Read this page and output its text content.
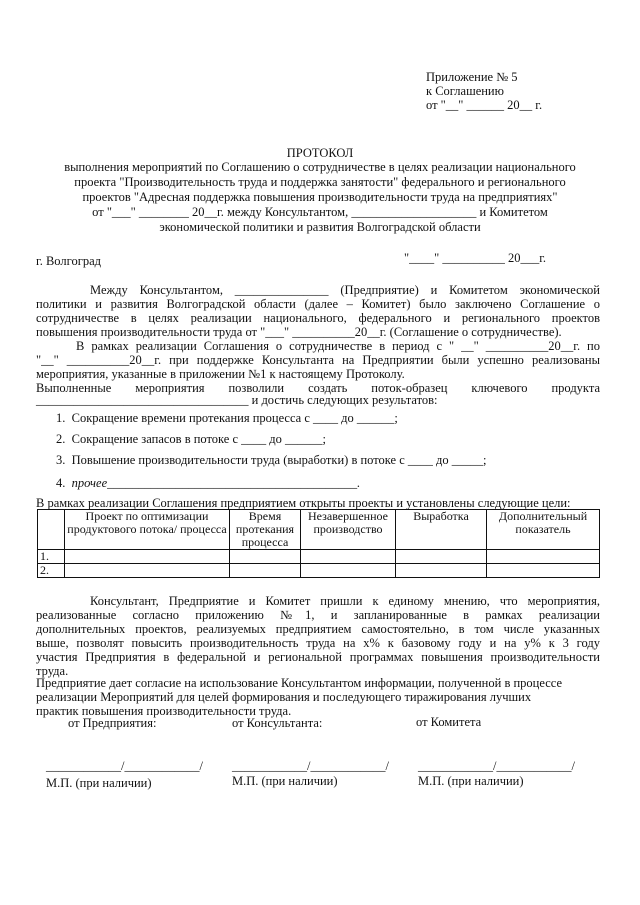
Приложение № 5
к Соглашению
от "__" ______ 20__ г.
ПРОТОКОЛ
выполнения мероприятий по Соглашению о сотрудничестве в целях реализации национального
проекта "Производительность труда и поддержка занятости" федерального и регионального
проектов "Адресная поддержка повышения производительности труда на предприятиях"
от "___" ________ 20__г. между Консультантом, ____________________ и Комитетом
экономической политики и развития Волгоградской области
г. Волгоград	"____" __________ 20___г.
Между Консультантом, _______________ (Предприятие) и Комитетом экономической
политики и развития Волгоградской области (далее – Комитет) было заключено Соглашение о
сотрудничестве в целях реализации национального, федерального и регионального проектов
повышения производительности труда от "___" __________20__г. (Соглашение о сотрудничестве).
В рамках реализации Соглашения о сотрудничестве в период с " __" __________20__г. по
"__" __________20__г. при поддержке Консультанта на Предприятии были успешно реализованы
мероприятия, указанные в приложении №1 к настоящему Протоколу.
Выполненные мероприятия позволили создать поток-образец ключевого продукта
__________________________________ и достичь следующих результатов:
1. Сокращение времени протекания процесса с ____ до ______;
2. Сокращение запасов в потоке с ____ до ______;
3. Повышение производительности труда (выработки) в потоке с ____ до _____;
4. прочее________________________________________.
В рамках реализации Соглашения предприятием открыты проекты и установлены следующие цели:
	Проект по оптимизации продуктового потока/ процесса	Время протекания процесса	Незавершенное производство	Выработка	Дополнительный показатель
1.					
2.					
Консультант, Предприятие и Комитет пришли к единому мнению, что мероприятия,
реализованные согласно приложению №1, и запланированные в рамках реализации
дополнительных проектов, реализуемых предприятием самостоятельно, в том числе указанных
выше, позволят повысить производительность труда на x% к базовому году и на y% к 3 году
участия Предприятия в федеральной и региональной программах повышения производительности
труда.
Предприятие дает согласие на использование Консультантом информации, полученной в процессе
реализации Мероприятий для целей формирования и последующего тиражирования лучших
практик повышения производительности труда.
от Предприятия:	от Консультанта:	от Комитета
____________/____________/ ____________/____________/ ____________/____________/
М.П. (при наличии)	М.П. (при наличии)	М.П. (при наличии)
